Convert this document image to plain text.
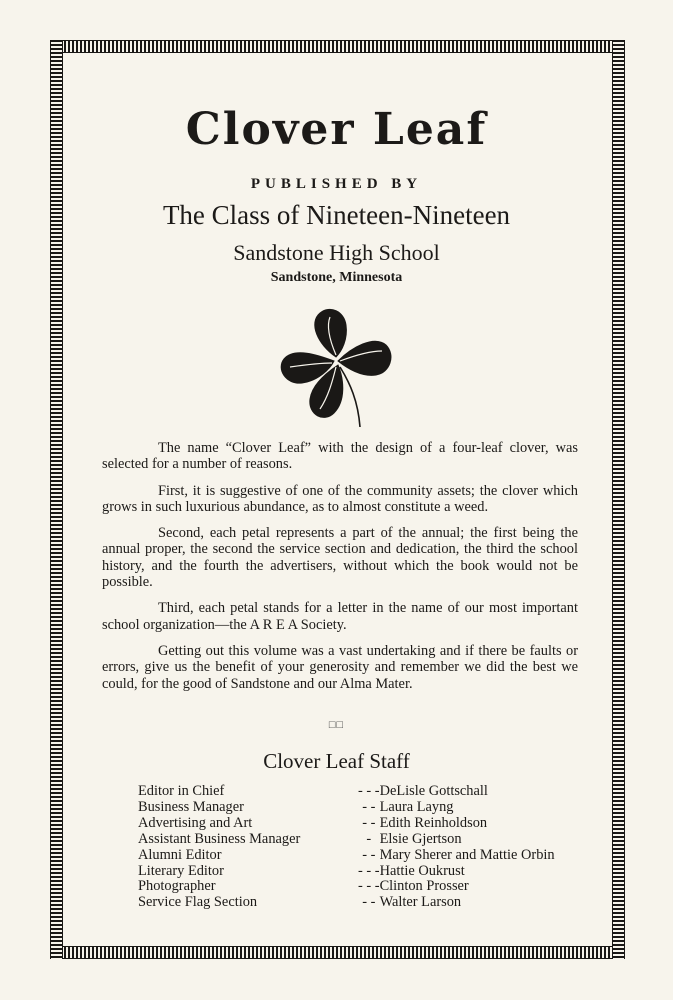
Clover Leaf
PUBLISHED BY
The Class of Nineteen-Nineteen
Sandstone High School
Sandstone, Minnesota

The name “Clover Leaf” with the design of a four-leaf clover, was selected for a number of reasons.

First, it is suggestive of one of the community assets; the clover which grows in such luxurious abundance, as to almost constitute a weed.

Second, each petal represents a part of the annual; the first being the annual proper, the second the service section and dedication, the third the school history, and the fourth the advertisers, without which the book would not be possible.

Third, each petal stands for a letter in the name of our most important school organization—the A R E A Society.

Getting out this volume was a vast undertaking and if there be faults or errors, give us the benefit of your generosity and remember we did the best we could, for the good of Sandstone and our Alma Mater.

□□
Clover Leaf Staff
Editor in Chief	- - -	DeLisle Gottschall
Business Manager	- -	Laura Layng
Advertising and Art	- -	Edith Reinholdson
Assistant Business Manager	-	Elsie Gjertson
Alumni Editor	- -	Mary Sherer and Mattie Orbin
Literary Editor	- - -	Hattie Oukrust
Photographer	- - -	Clinton Prosser
Service Flag Section	- -	Walter Larson
